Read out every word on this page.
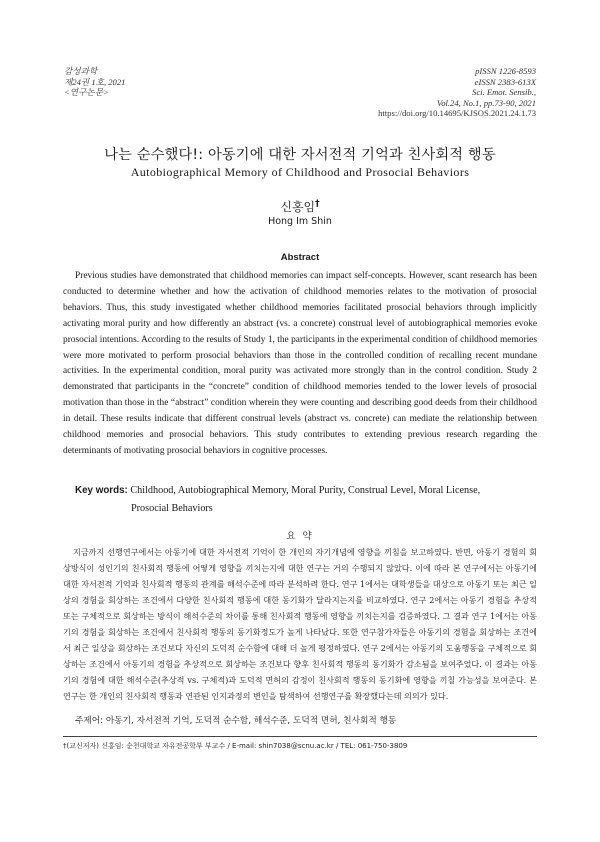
감성과학
제24권 1호, 2021
<연구논문>
pISSN 1226-8593
eISSN 2383-613X
Sci. Emot. Sensib.,
Vol.24, No.1, pp.73-90, 2021
https://doi.org/10.14695/KJSOS.2021.24.1.73
나는 순수했다!: 아동기에 대한 자서전적 기억과 친사회적 행동
Autobiographical Memory of Childhood and Prosocial Behaviors
신홍임†
Hong Im Shin
Abstract

Previous studies have demonstrated that childhood memories can impact self-concepts. However, scant research has been conducted to determine whether and how the activation of childhood memories relates to the motivation of prosocial behaviors. Thus, this study investigated whether childhood memories facilitated prosocial behaviors through implicitly activating moral purity and how differently an abstract (vs. a concrete) construal level of autobiographical memories evoke prosocial intentions. According to the results of Study 1, the participants in the experimental condition of childhood memories were more motivated to perform prosocial behaviors than those in the controlled condition of recalling recent mundane activities. In the experimental condition, moral purity was activated more strongly than in the control condition. Study 2 demonstrated that participants in the “concrete” condition of childhood memories tended to the lower levels of prosocial motivation than those in the “abstract” condition wherein they were counting and describing good deeds from their childhood in detail. These results indicate that different construal levels (abstract vs. concrete) can mediate the relationship between childhood memories and prosocial behaviors. This study contributes to extending previous research regarding the determinants of motivating prosocial behaviors in cognitive processes.

Key words: Childhood, Autobiographical Memory, Moral Purity, Construal Level, Moral License,
Prosocial Behaviors
요 약

지금까지 선행연구에서는 아동기에 대한 자서전적 기억이 한 개인의 자기개념에 영향을 끼침을 보고하였다. 반면, 아동기 경험의 회상방식이 성인기의 친사회적 행동에 어떻게 영향을 끼치는지에 대한 연구는 거의 수행되지 않았다. 이에 따라 본 연구에서는 아동기에 대한 자서전적 기억과 친사회적 행동의 관계를 해석수준에 따라 분석하려 한다. 연구 1에서는 대학생들을 대상으로 아동기 또는 최근 일상의 경험을 회상하는 조건에서 다양한 친사회적 행동에 대한 동기화가 달라지는지를 비교하였다. 연구 2에서는 아동기 경험을 추상적 또는 구체적으로 회상하는 방식이 해석수준의 차이를 통해 친사회적 행동에 영향을 끼치는지를 검증하였다. 그 결과 연구 1에서는 아동기의 경험을 회상하는 조건에서 친사회적 행동의 동기화정도가 높게 나타났다. 또한 연구참가자들은 아동기의 경험을 회상하는 조건에서 최근 일상을 회상하는 조건보다 자신의 도덕적 순수함에 대해 더 높게 평정하였다. 연구 2에서는 아동기의 도움행동을 구체적으로 회상하는 조건에서 아동기의 경험을 추상적으로 회상하는 조건보다 향후 친사회적 행동의 동기화가 감소됨을 보여주었다. 이 결과는 아동기의 경험에 대한 해석수준(추상적 vs. 구체적)과 도덕적 면허의 감정이 친사회적 행동의 동기화에 영향을 끼칠 가능성을 보여준다. 본 연구는 한 개인의 친사회적 행동과 연관된 인지과정의 변인을 탐색하여 선행연구를 확장했다는데 의의가 있다.

주제어: 아동기, 자서전적 기억, 도덕적 순수함, 해석수준, 도덕적 면허, 친사회적 행동
†(교신저자) 신홍임: 순천대학교 자유전공학부 부교수 / E-mail: shin7038@scnu.ac.kr / TEL: 061-750-3809
